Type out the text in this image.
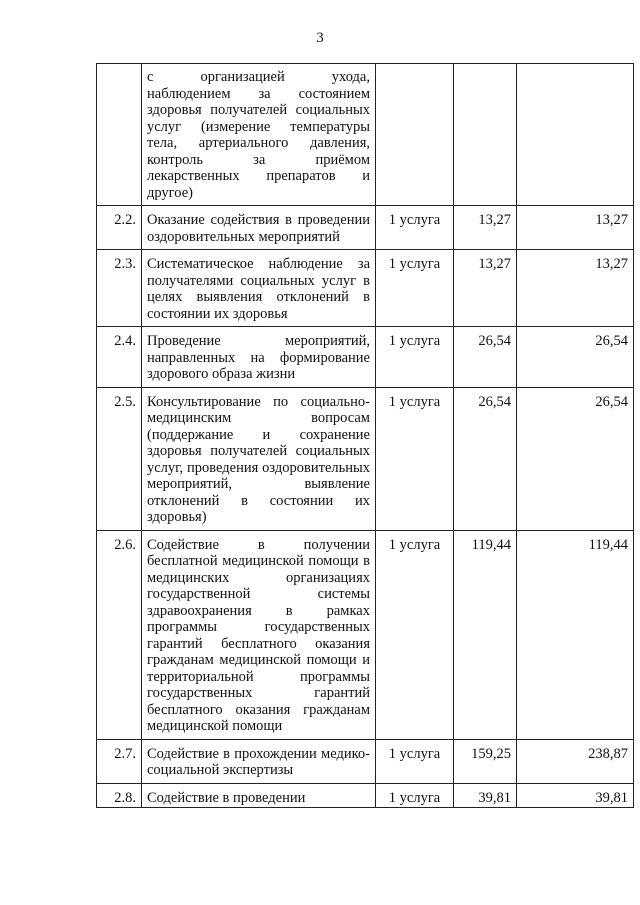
3
	с организацией ухода, наблюдением за состоянием здоровья получателей социальных услуг (измерение температуры тела, артериального давления, контроль за приёмом лекарственных препаратов и другое)			
2.2.	Оказание содействия в проведении оздоровительных мероприятий	1 услуга	13,27	13,27
2.3.	Систематическое наблюдение за получателями социальных услуг в целях выявления отклонений в состоянии их здоровья	1 услуга	13,27	13,27
2.4.	Проведение мероприятий, направленных на формирование здорового образа жизни	1 услуга	26,54	26,54
2.5.	Консультирование по социально-медицинским вопросам (поддержание и сохранение здоровья получателей социальных услуг, проведения оздоровительных мероприятий, выявление отклонений в состоянии их здоровья)	1 услуга	26,54	26,54
2.6.	Содействие в получении бесплатной медицинской помощи в медицинских организациях государственной системы здравоохранения в рамках программы государственных гарантий бесплатного оказания гражданам медицинской помощи и территориальной программы государственных гарантий бесплатного оказания гражданам медицинской помощи	1 услуга	119,44	119,44
2.7.	Содействие в прохождении медико-социальной экспертизы	1 услуга	159,25	238,87
2.8.	Содействие в проведении	1 услуга	39,81	39,81
